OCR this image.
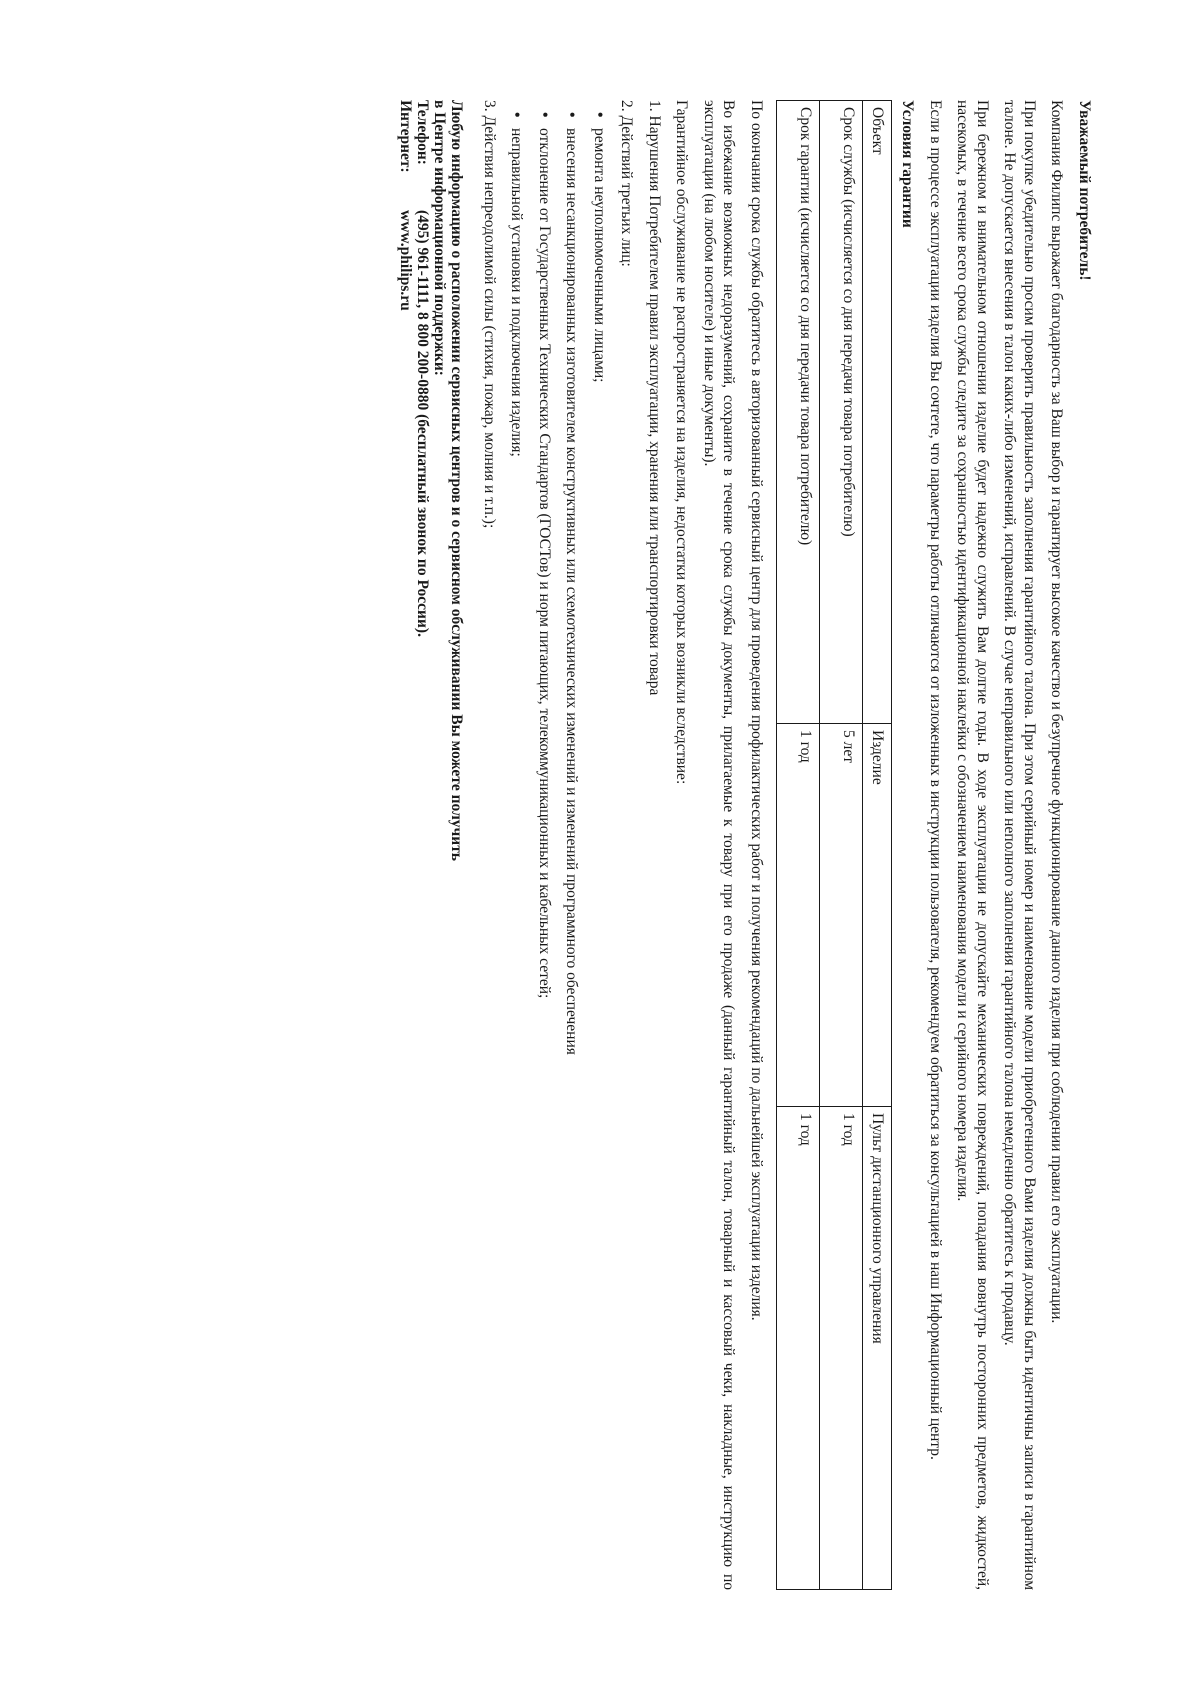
Уважаемый потребитель!

Компания Филипс выражает благодарность за Ваш выбор и гарантирует высокое качество и безупречное функционирование данного изделия при соблюдении правил его эксплуатации.

При покупке убедительно просим проверить правильность заполнения гарантийного талона. При этом серийный номер и наименование модели приобретенного Вами изделия должны быть идентичны записи в гарантийном талоне. Не допускается внесения в талон каких-либо изменений, исправлений. В случае неправильного или неполного заполнения гарантийного талона немедленно обратитесь к продавцу.

При бережном и внимательном отношении изделие будет надежно служить Вам долгие годы. В ходе эксплуатации не допускайте механических повреждений, попадания вовнутрь посторонних предметов, жидкостей, насекомых, в течение всего срока службы следите за сохранностью идентификационной наклейки с обозначением наименования модели и серийного номера изделия.

Если в процессе эксплуатации изделия Вы сочтете, что параметры работы отличаются от изложенных в инструкции пользователя, рекомендуем обратиться за консультацией в наш Информационный центр.

Условия гарантии
Объект	Изделие	Пульт дистанционного управления
Срок службы (исчисляется со дня передачи товара потребителю)	5 лет	1 год
Срок гарантии (исчисляется со дня передачи товара потребителю)	1 год	1 год

По окончании срока службы обратитесь в авторизованный сервисный центр для проведения профилактических работ и получения рекомендаций по дальнейшей эксплуатации изделия.

Во избежание возможных недоразумений, сохраните в течение срока службы документы, прилагаемые к товару при его продаже (данный гарантийный талон, товарный и кассовый чеки, накладные, инструкцию по эксплуатации (на любом носителе) и иные документы).

Гарантийное обслуживание не распространяется на изделия, недостатки которых возникли вследствие:

1. Нарушения Потребителем правил эксплуатации, хранения или транспортировки товара

2. Действий третьих лиц:

•
ремонта неуполномоченными лицами;
•
внесения несанкционированных изготовителем конструктивных или схемотехнических изменений и изменений программного обеспечения
•
отклонение от Государственных Технических Стандартов (ГОСТов) и норм питающих, телекоммуникационных и кабельных сетей;
•
неправильной установки и подключения изделия;

3. Действия непреодолимой силы (стихия, пожар, молния и т.п.);

Любую информацию о расположении сервисных центров и о сервисном обслуживании Вы можете получить
в Центре информационной поддержки:
Телефон:
(495) 961-1111, 8 800 200-0880 (бесплатный звонок по России).
Интернет:
www.philips.ru
